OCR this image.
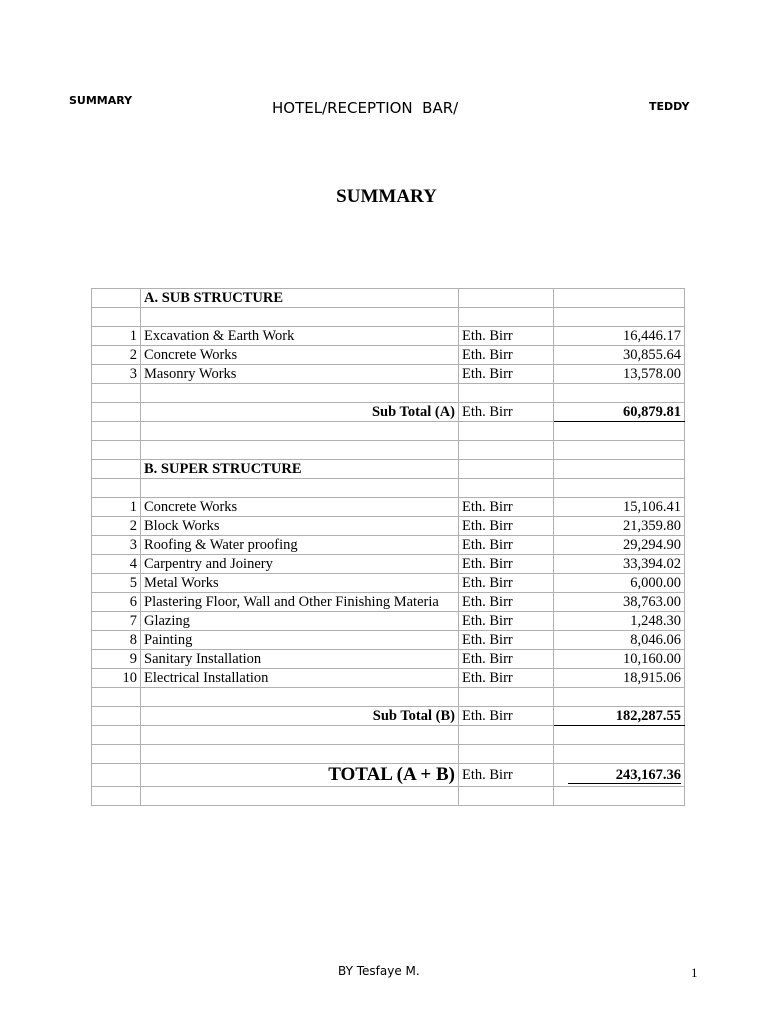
SUMMARY	HOTEL/RECEPTION  BAR/	TEDDY
SUMMARY
	A. SUB STRUCTURE		

1	Excavation & Earth Work	Eth. Birr	16,446.17
2	Concrete Works	Eth. Birr	30,855.64
3	Masonry Works	Eth. Birr	13,578.00

	Sub Total (A)	Eth. Birr	60,879.81

	B. SUPER STRUCTURE		

1	Concrete Works	Eth. Birr	15,106.41
2	Block Works	Eth. Birr	21,359.80
3	Roofing & Water proofing	Eth. Birr	29,294.90
4	Carpentry and Joinery	Eth. Birr	33,394.02
5	Metal Works	Eth. Birr	6,000.00
6	Plastering Floor, Wall and Other Finishing Materia	Eth. Birr	38,763.00
7	Glazing	Eth. Birr	1,248.30
8	Painting	Eth. Birr	8,046.06
9	Sanitary Installation	Eth. Birr	10,160.00
10	Electrical Installation	Eth. Birr	18,915.06

	Sub Total (B)	Eth. Birr	182,287.55

	TOTAL (A + B)	Eth. Birr	243,167.36

BY Tesfaye M.	1
